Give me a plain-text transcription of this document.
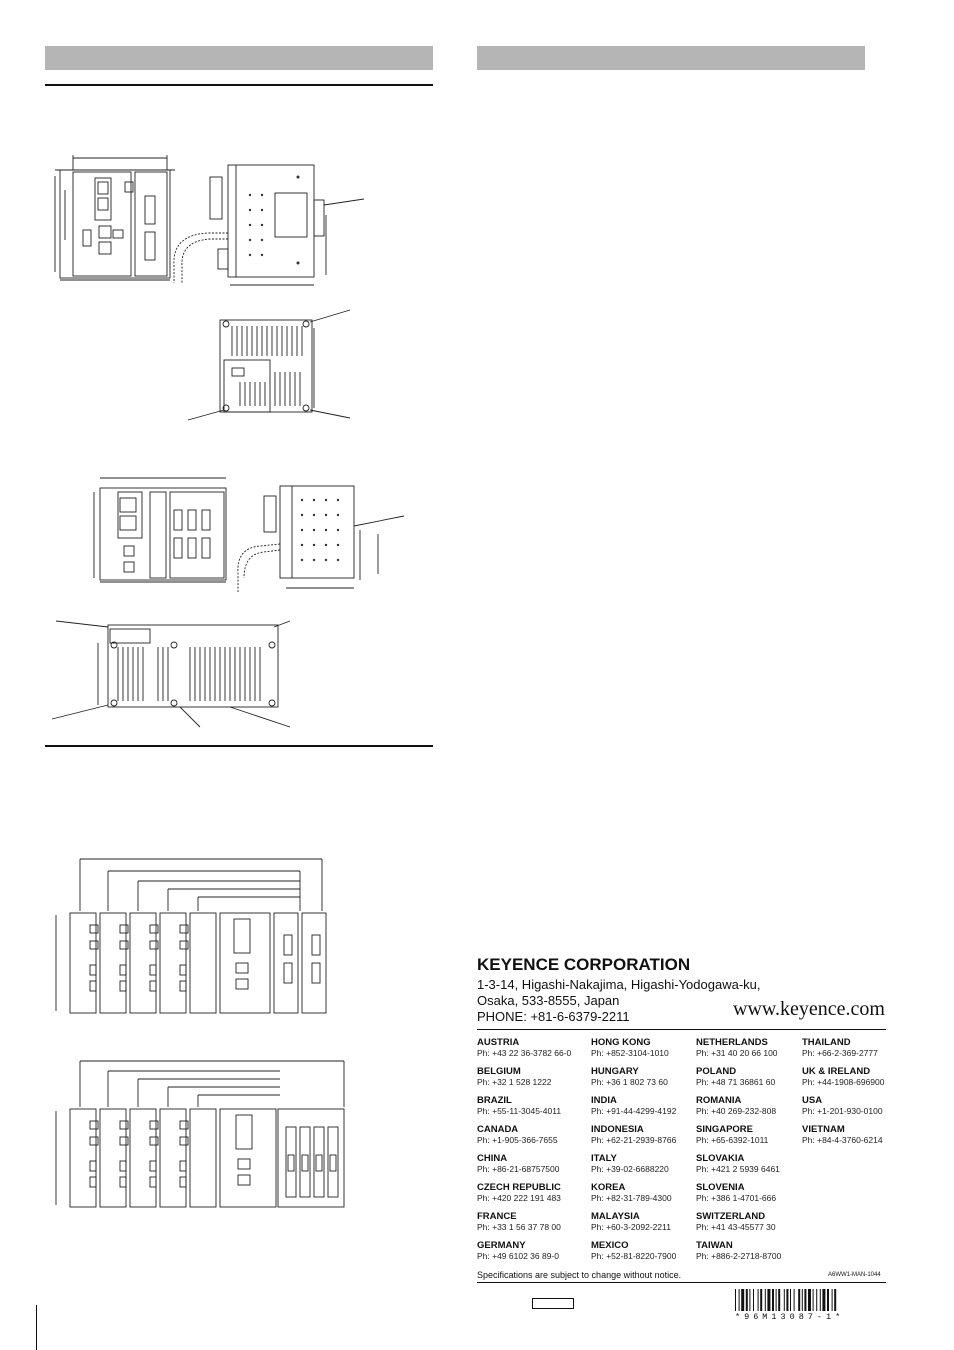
KEYENCE CORPORATION
1-3-14, Higashi-Nakajima, Higashi-Yodogawa-ku,
Osaka, 533-8555, Japan
PHONE: +81-6-6379-2211	www.keyence.com
AUSTRIA
Ph: +43 22 36-3782 66-0
BELGIUM
Ph: +32 1 528 1222
BRAZIL
Ph: +55-11-3045-4011
CANADA
Ph: +1-905-366-7655
CHINA
Ph: +86-21-68757500
CZECH REPUBLIC
Ph: +420 222 191 483
FRANCE
Ph: +33 1 56 37 78 00
GERMANY
Ph: +49 6102 36 89-0
HONG KONG
Ph: +852-3104-1010
HUNGARY
Ph: +36 1 802 73 60
INDIA
Ph: +91-44-4299-4192
INDONESIA
Ph: +62-21-2939-8766
ITALY
Ph: +39-02-6688220
KOREA
Ph: +82-31-789-4300
MALAYSIA
Ph: +60-3-2092-2211
MEXICO
Ph: +52-81-8220-7900
NETHERLANDS
Ph: +31 40 20 66 100
POLAND
Ph: +48 71 36861 60
ROMANIA
Ph: +40 269-232-808
SINGAPORE
Ph: +65-6392-1011
SLOVAKIA
Ph: +421 2 5939 6461
SLOVENIA
Ph: +386 1-4701-666
SWITZERLAND
Ph: +41 43-45577 30
TAIWAN
Ph: +886-2-2718-8700
THAILAND
Ph: +66-2-369-2777
UK & IRELAND
Ph: +44-1908-696900
USA
Ph: +1-201-930-0100
VIETNAM
Ph: +84-4-3760-6214
Specifications are subject to change without notice.	A6WW1-MAN-1044
*96M13087-1*
